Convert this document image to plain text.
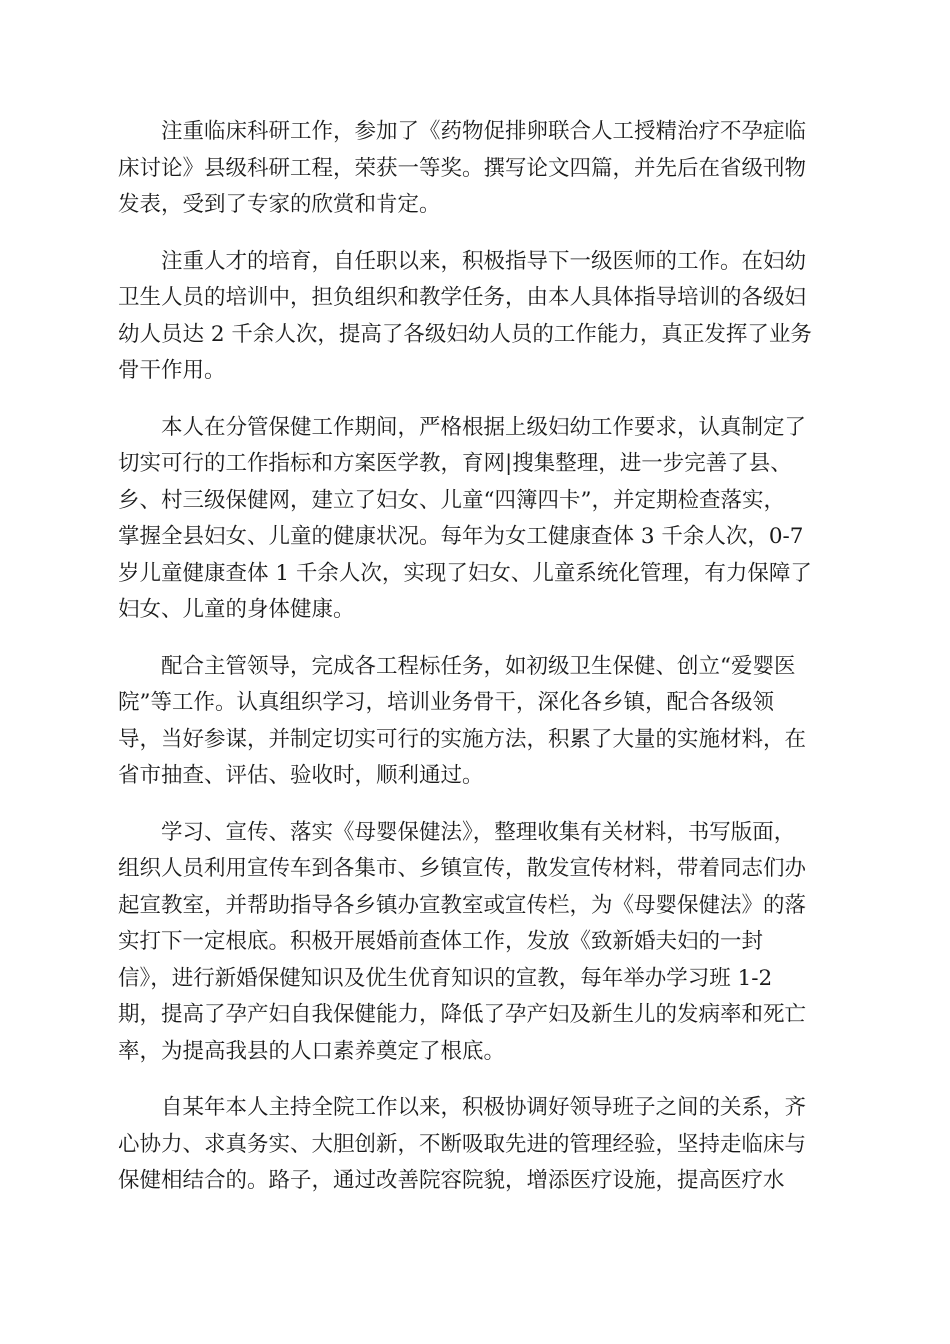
注重临床科研工作，参加了《药物促排卵联合人工授精治疗不孕症临
床讨论》县级科研工程，荣获一等奖。撰写论文四篇，并先后在省级刊物
发表，受到了专家的欣赏和肯定。
注重人才的培育，自任职以来，积极指导下一级医师的工作。在妇幼
卫生人员的培训中，担负组织和教学任务，由本人具体指导培训的各级妇
幼人员达 2 千余人次，提高了各级妇幼人员的工作能力，真正发挥了业务
骨干作用。
本人在分管保健工作期间，严格根据上级妇幼工作要求，认真制定了
切实可行的工作指标和方案医学教，育网|搜集整理，进一步完善了县、
乡、村三级保健网，建立了妇女、儿童“四簿四卡”，并定期检查落实，
掌握全县妇女、儿童的健康状况。每年为女工健康查体 3 千余人次，0-7
岁儿童健康查体 1 千余人次，实现了妇女、儿童系统化管理，有力保障了
妇女、儿童的身体健康。
配合主管领导，完成各工程标任务，如初级卫生保健、创立“爱婴医
院”等工作。认真组织学习，培训业务骨干，深化各乡镇，配合各级领
导，当好参谋，并制定切实可行的实施方法，积累了大量的实施材料，在
省市抽查、评估、验收时，顺利通过。
学习、宣传、落实《母婴保健法》，整理收集有关材料，书写版面，
组织人员利用宣传车到各集市、乡镇宣传，散发宣传材料，带着同志们办
起宣教室，并帮助指导各乡镇办宣教室或宣传栏，为《母婴保健法》的落
实打下一定根底。积极开展婚前查体工作，发放《致新婚夫妇的一封
信》，进行新婚保健知识及优生优育知识的宣教，每年举办学习班 1-2
期，提高了孕产妇自我保健能力，降低了孕产妇及新生儿的发病率和死亡
率，为提高我县的人口素养奠定了根底。
自某年本人主持全院工作以来，积极协调好领导班子之间的关系，齐
心协力、求真务实、大胆创新，不断吸取先进的管理经验，坚持走临床与
保健相结合的。路子，通过改善院容院貌，增添医疗设施，提高医疗水
